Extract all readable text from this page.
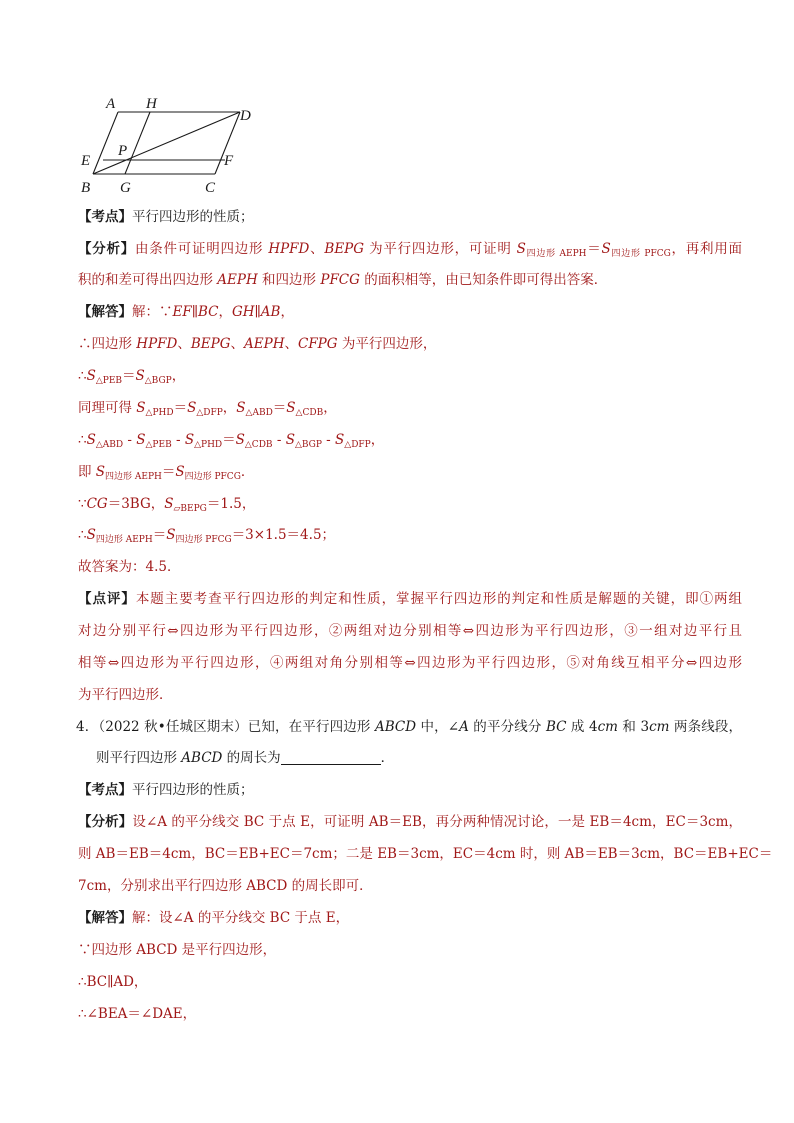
A H
D
E
P
F
B G	C
【考点】平行四边形的性质；
【分析】由条件可证明四边形 HPFD、BEPG 为平行四边形，可证明 $S_{四边形 AEPH}=S_{四边形 PFCG}$，再利用面
积的和差可得出四边形 AEPH 和四边形 PFCG 的面积相等，由已知条件即可得出答案．
【解答】解：∵EF∥BC，GH∥AB，
∴四边形 HPFD、BEPG、AEPH、CFPG 为平行四边形，
$\therefore S_{\triangle PEB}=S_{\triangle BGP}$，
同理可得 $S_{\triangle PHD}=S_{\triangle DFP}$，$S_{\triangle ABD}=S_{\triangle CDB}$，
$\therefore S_{\triangle ABD} - S_{\triangle PEB} - S_{\triangle PHD}=S_{\triangle CDB} - S_{\triangle BGP} - S_{\triangle DFP}$，
即 $S_{四边形 AEPH}=S_{四边形 PFCG}$．
∵CG＝3BG，$S_{▱BEPG}=1.5$，
$\therefore S_{四边形 AEPH}=S_{四边形 PFCG}=3\times 1.5=4.5$；
故答案为：4.5．
【点评】本题主要考查平行四边形的判定和性质，掌握平行四边形的判定和性质是解题的关键，即①两组
对边分别平行⇔四边形为平行四边形，②两组对边分别相等⇔四边形为平行四边形，③一组对边平行且
相等⇔四边形为平行四边形，④两组对角分别相等⇔四边形为平行四边形，⑤对角线互相平分⇔四边形
为平行四边形．
4．（2022 秋•任城区期末）已知，在平行四边形 ABCD 中，∠A 的平分线分 BC 成 4cm 和 3cm 两条线段，
则平行四边形 ABCD 的周长为	．
【考点】平行四边形的性质；
【分析】设∠A 的平分线交 BC 于点 E，可证明 AB＝EB，再分两种情况讨论，一是 EB＝4cm，EC＝3cm，
则 AB＝EB＝4cm，BC＝EB+EC＝7cm；二是 EB＝3cm，EC＝4cm 时，则 AB＝EB＝3cm，BC＝EB+EC＝
7cm，分别求出平行四边形 ABCD 的周长即可．
【解答】解：设∠A 的平分线交 BC 于点 E，
∵四边形 ABCD 是平行四边形，
∴BC∥AD，
∴∠BEA＝∠DAE，
